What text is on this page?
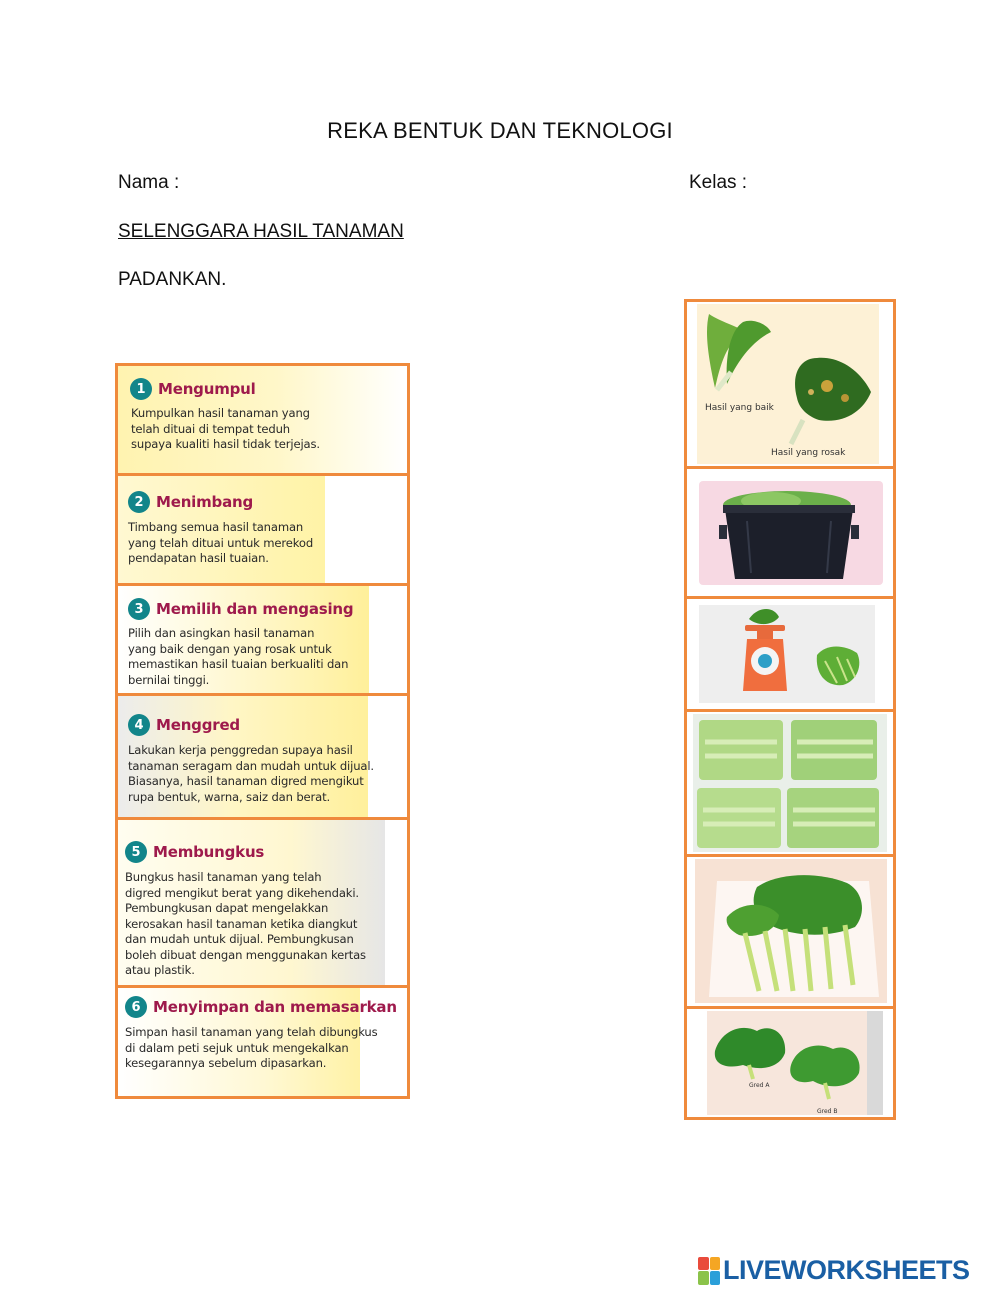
REKA BENTUK DAN TEKNOLOGI
Nama :	Kelas :
SELENGGARA HASIL TANAMAN
PADANKAN.
1 Mengumpul
Kumpulkan hasil tanaman yang
telah dituai di tempat teduh
supaya kualiti hasil tidak terjejas.
2 Menimbang
Timbang semua hasil tanaman
yang telah dituai untuk merekod
pendapatan hasil tuaian.
3 Memilih dan mengasing
Pilih dan asingkan hasil tanaman
yang baik dengan yang rosak untuk
memastikan hasil tuaian berkualiti dan
bernilai tinggi.
4 Menggred
Lakukan kerja penggredan supaya hasil
tanaman seragam dan mudah untuk dijual.
Biasanya, hasil tanaman digred mengikut
rupa bentuk, warna, saiz dan berat.
5 Membungkus
Bungkus hasil tanaman yang telah
digred mengikut berat yang dikehendaki.
Pembungkusan dapat mengelakkan
kerosakan hasil tanaman ketika diangkut
dan mudah untuk dijual. Pembungkusan
boleh dibuat dengan menggunakan kertas
atau plastik.
6 Menyimpan dan memasarkan
Simpan hasil tanaman yang telah dibungkus
di dalam peti sejuk untuk mengekalkan
kesegarannya sebelum dipasarkan.
Hasil yang baik
Hasil yang rosak
Gred A
Gred B
LIVEWORKSHEETS
